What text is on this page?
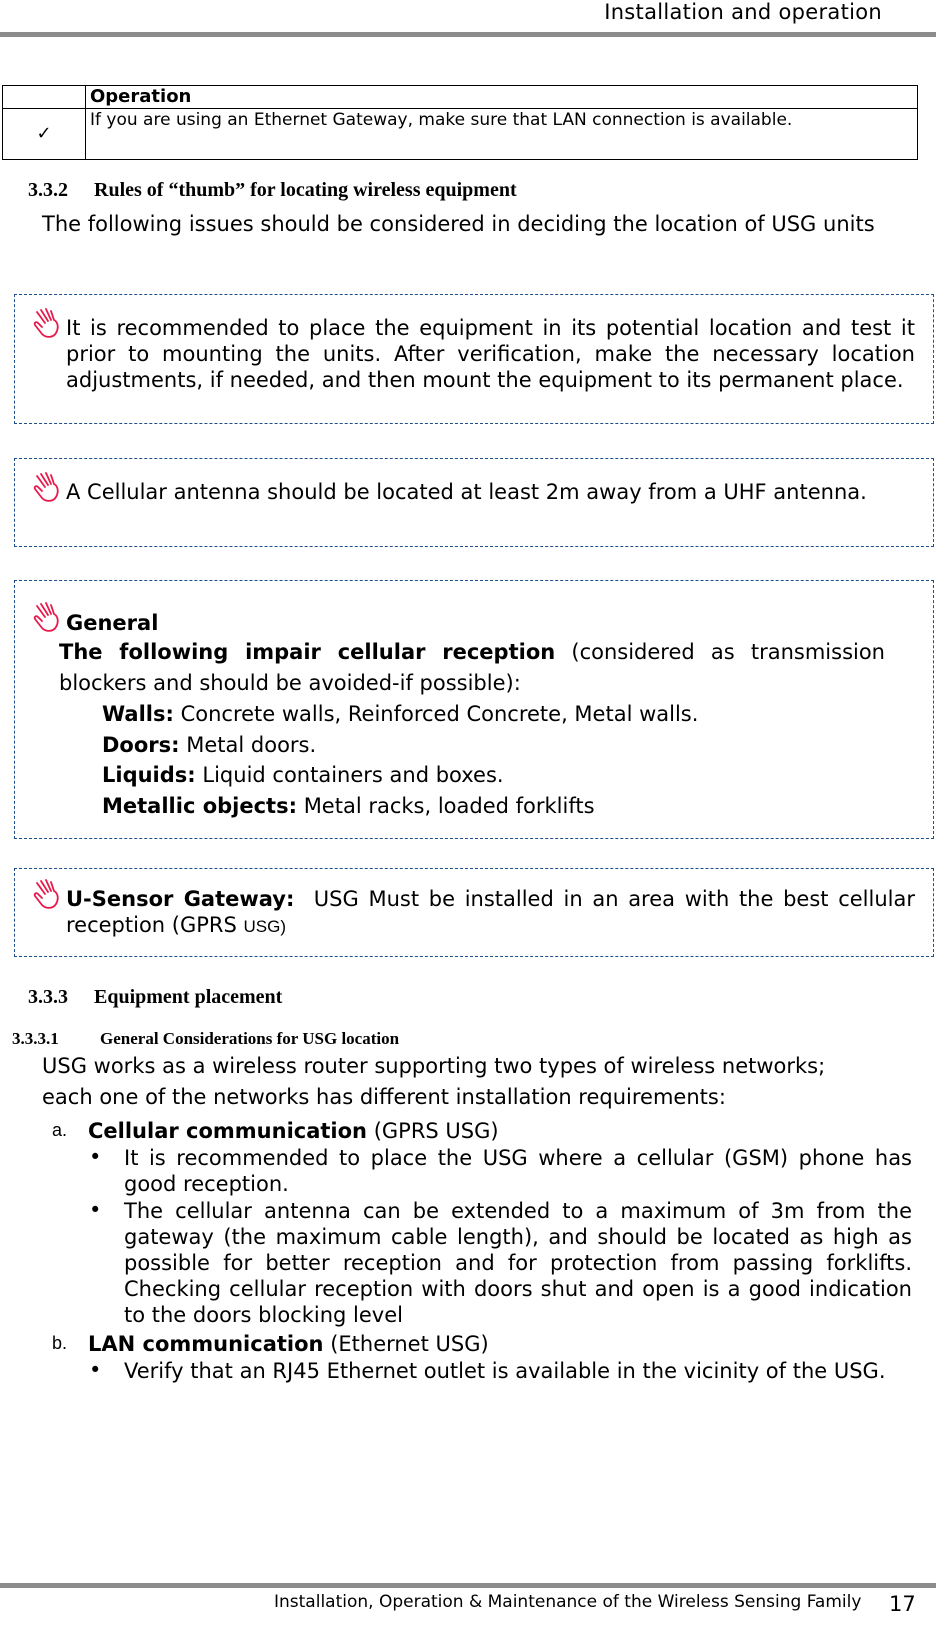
Installation and operation
	Operation
✓	If you are using an Ethernet Gateway, make sure that LAN connection is available.
3.3.2 Rules of “thumb” for locating wireless equipment
The following issues should be considered in deciding the location of USG units
It is recommended to place the equipment in its potential location and test it prior to mounting the units. After verification, make the necessary location adjustments, if needed, and then mount the equipment to its permanent place.
A Cellular antenna should be located at least 2m away from a UHF antenna.
General
The following impair cellular reception (considered as transmission
blockers and should be avoided-if possible):
Walls: Concrete walls, Reinforced Concrete, Metal walls.
Doors: Metal doors.
Liquids: Liquid containers and boxes.
Metallic objects: Metal racks, loaded forklifts
U-Sensor Gateway: USG Must be installed in an area with the best cellular reception (GPRS USG)
3.3.3 Equipment placement
3.3.3.1 General Considerations for USG location
USG works as a wireless router supporting two types of wireless networks;
each one of the networks has different installation requirements:
a. Cellular communication (GPRS USG)
• It is recommended to place the USG where a cellular (GSM) phone has good reception.
• The cellular antenna can be extended to a maximum of 3m from the gateway (the maximum cable length), and should be located as high as possible for better reception and for protection from passing forklifts. Checking cellular reception with doors shut and open is a good indication to the doors blocking level
b. LAN communication (Ethernet USG)
• Verify that an RJ45 Ethernet outlet is available in the vicinity of the USG.
Installation, Operation & Maintenance of the Wireless Sensing Family 17
